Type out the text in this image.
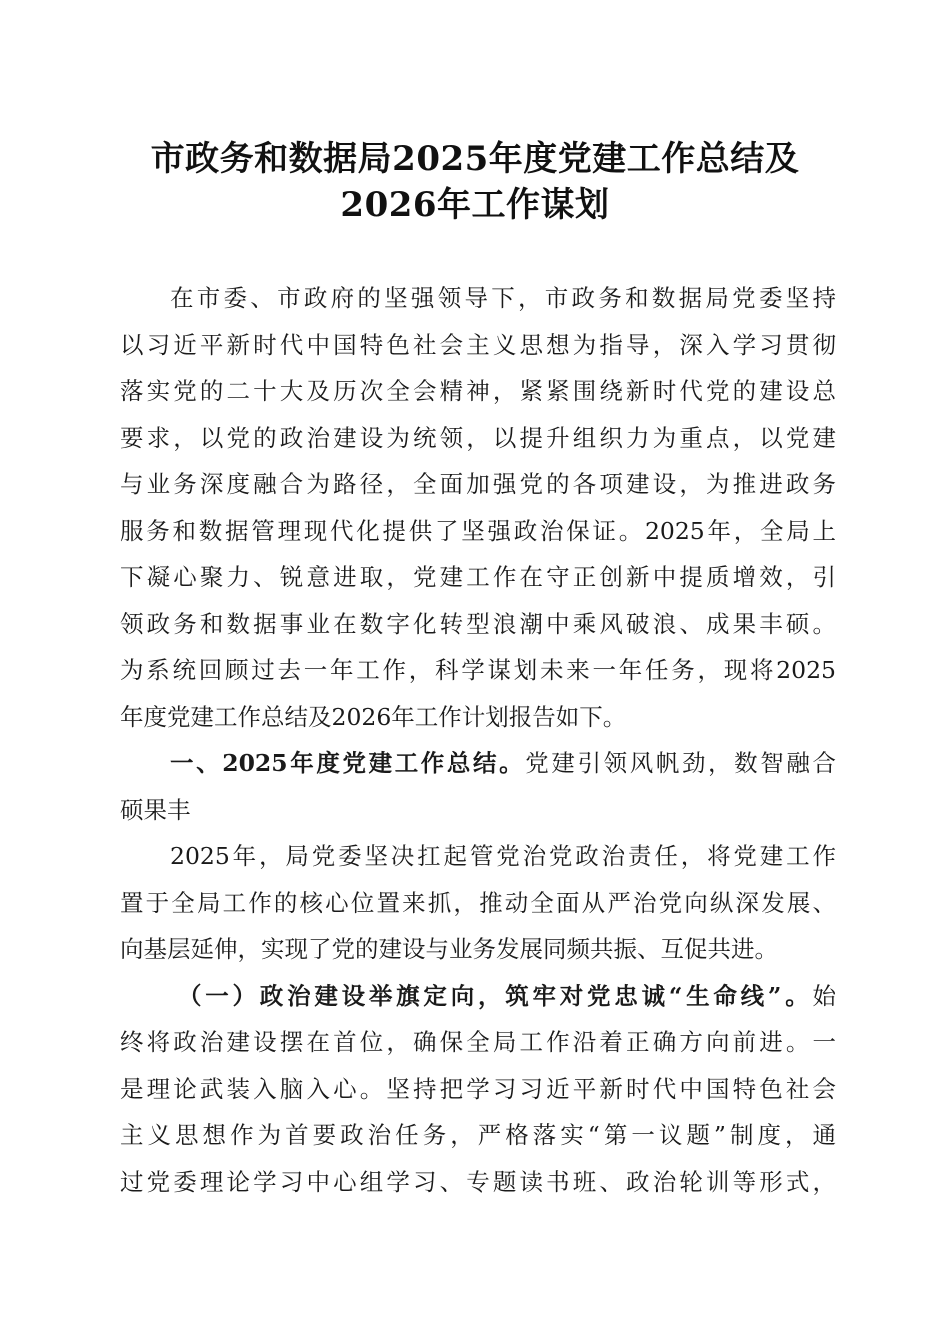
市政务和数据局2025年度党建工作总结及
2026年工作谋划
在市委、市政府的坚强领导下，市政务和数据局党委坚持
以习近平新时代中国特色社会主义思想为指导，深入学习贯彻
落实党的二十大及历次全会精神，紧紧围绕新时代党的建设总
要求，以党的政治建设为统领，以提升组织力为重点，以党建
与业务深度融合为路径，全面加强党的各项建设，为推进政务
服务和数据管理现代化提供了坚强政治保证。2025年，全局上
下凝心聚力、锐意进取，党建工作在守正创新中提质增效，引
领政务和数据事业在数字化转型浪潮中乘风破浪、成果丰硕。
为系统回顾过去一年工作，科学谋划未来一年任务，现将2025
年度党建工作总结及2026年工作计划报告如下。
一、2025年度党建工作总结。党建引领风帆劲，数智融合
硕果丰
2025年，局党委坚决扛起管党治党政治责任，将党建工作
置于全局工作的核心位置来抓，推动全面从严治党向纵深发展、
向基层延伸，实现了党的建设与业务发展同频共振、互促共进。
（一）政治建设举旗定向，筑牢对党忠诚“生命线”。始
终将政治建设摆在首位，确保全局工作沿着正确方向前进。一
是理论武装入脑入心。坚持把学习习近平新时代中国特色社会
主义思想作为首要政治任务，严格落实“第一议题”制度，通
过党委理论学习中心组学习、专题读书班、政治轮训等形式，
